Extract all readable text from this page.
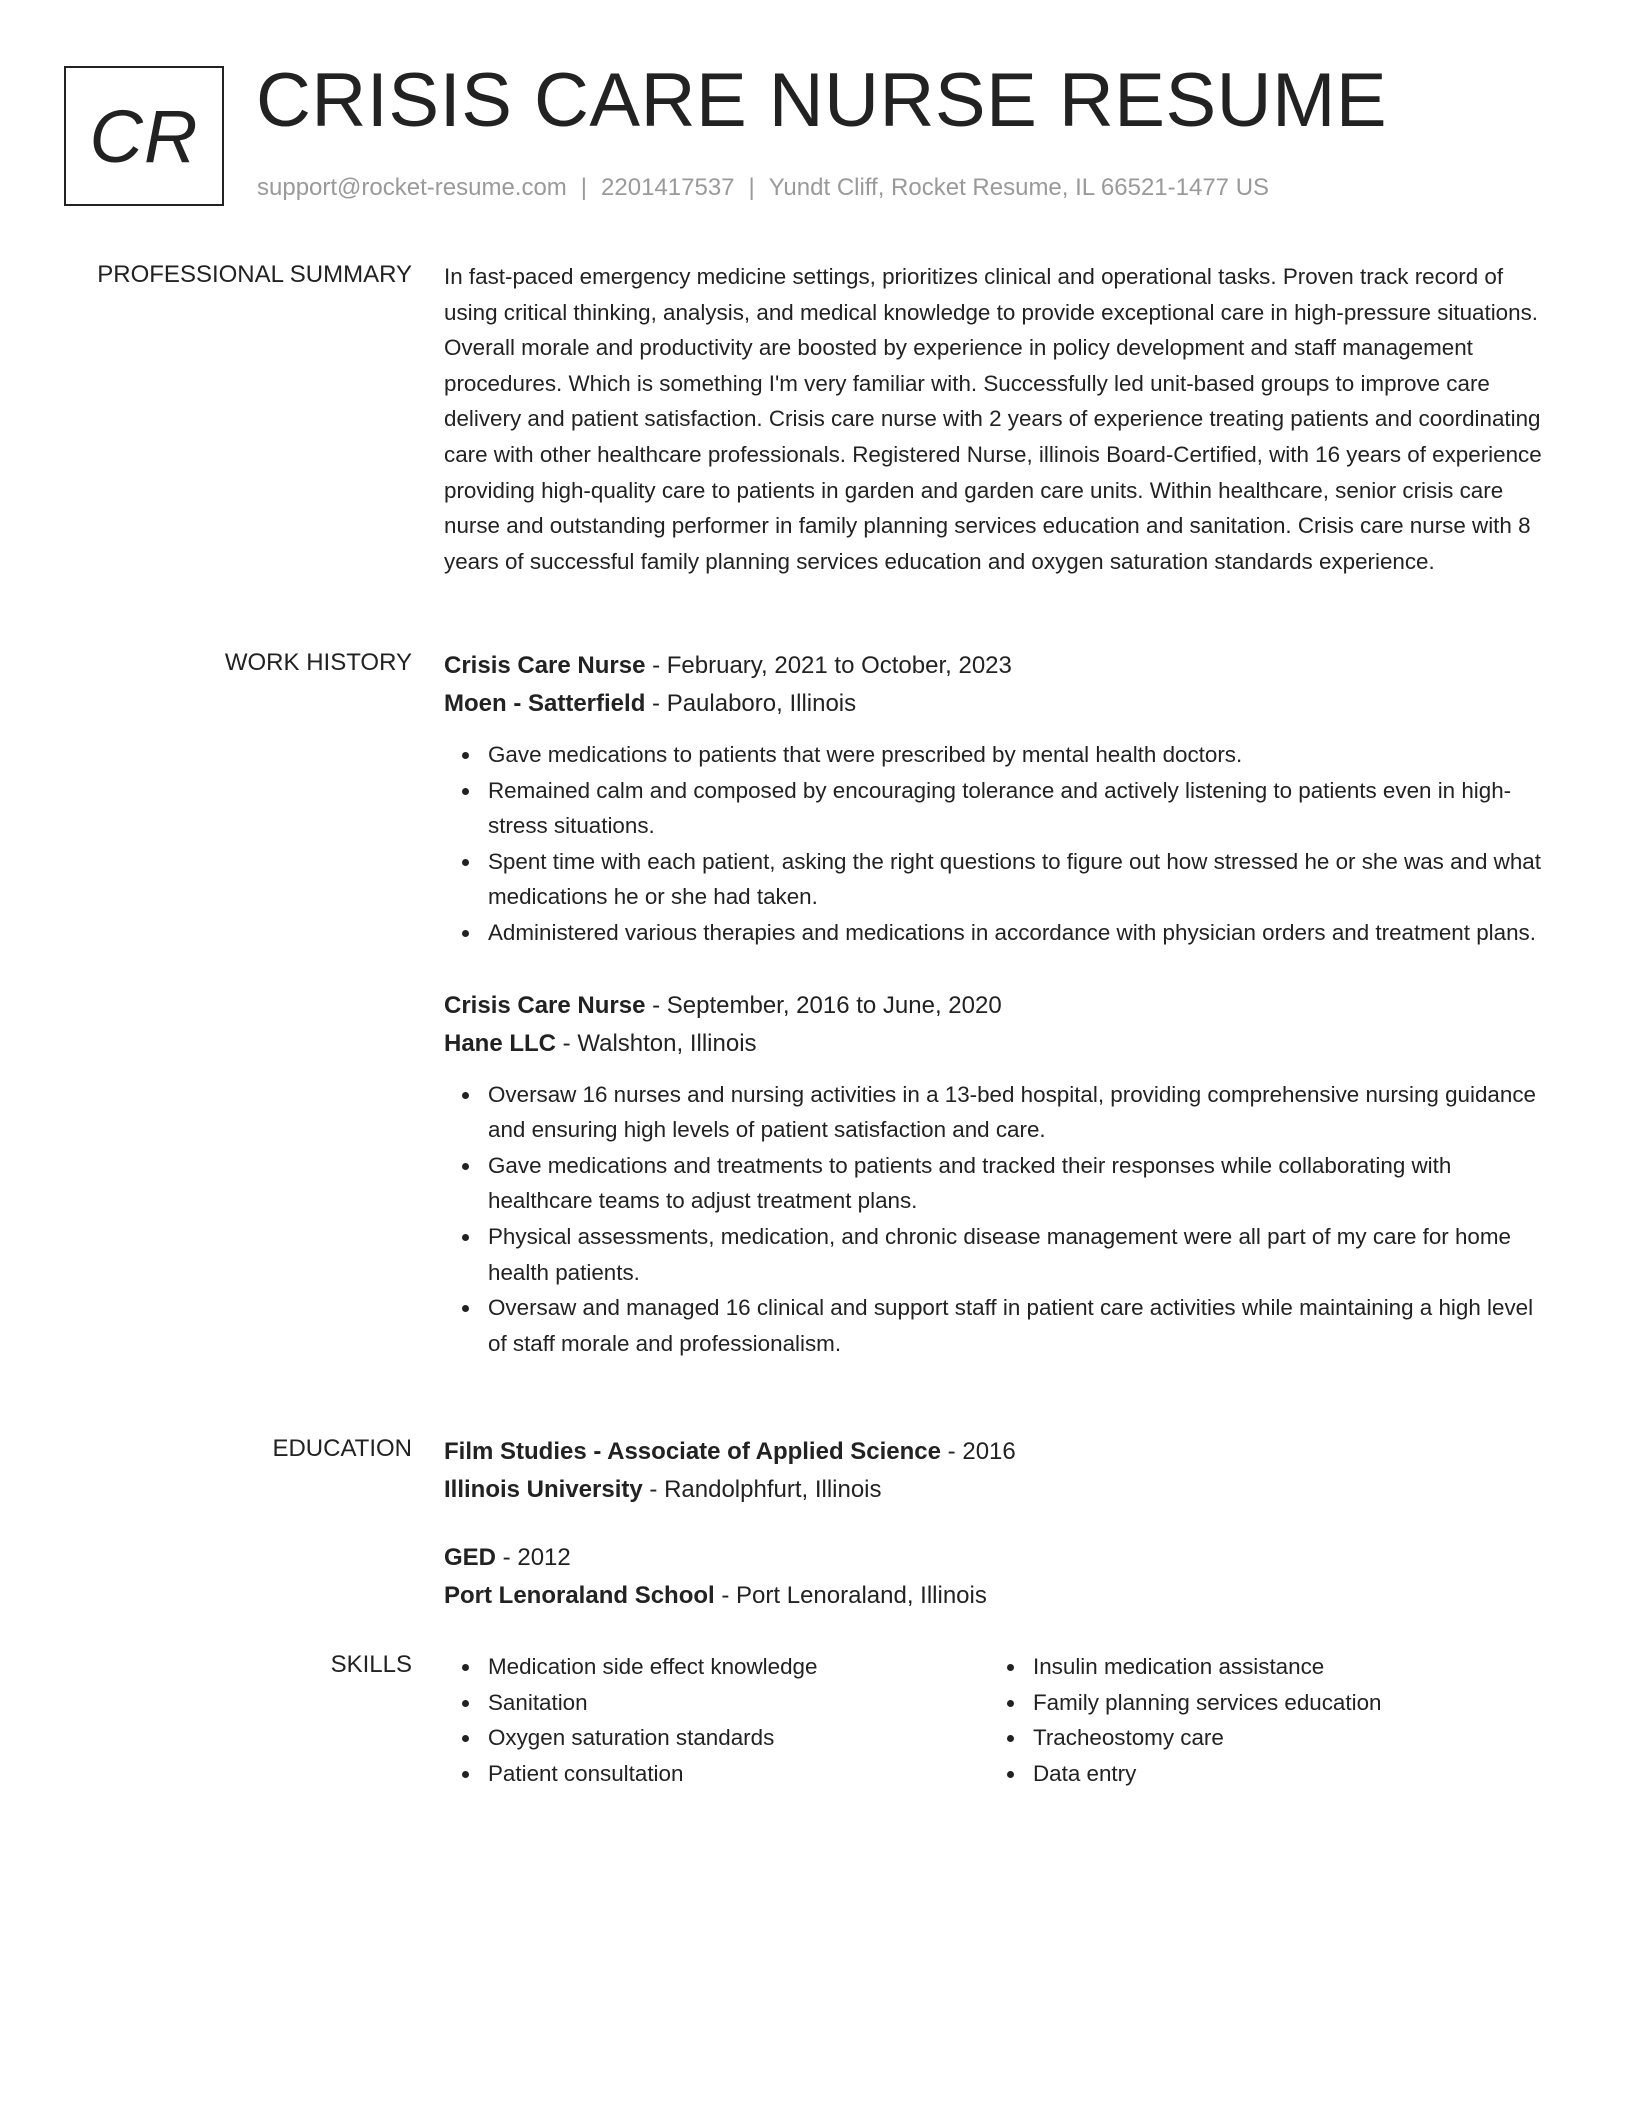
CR CRISIS CARE NURSE RESUME
support@rocket-resume.com | 2201417537 | Yundt Cliff, Rocket Resume, IL 66521-1477 US
PROFESSIONAL SUMMARY In fast-paced emergency medicine settings, prioritizes clinical and operational tasks. Proven track record of using critical thinking, analysis, and medical knowledge to provide exceptional care in high-pressure situations. Overall morale and productivity are boosted by experience in policy development and staff management procedures. Which is something I'm very familiar with. Successfully led unit-based groups to improve care delivery and patient satisfaction. Crisis care nurse with 2 years of experience treating patients and coordinating care with other healthcare professionals. Registered Nurse, illinois Board-Certified, with 16 years of experience providing high-quality care to patients in garden and garden care units. Within healthcare, senior crisis care nurse and outstanding performer in family planning services education and sanitation. Crisis care nurse with 8 years of successful family planning services education and oxygen saturation standards experience.

WORK HISTORY Crisis Care Nurse - February, 2021 to October, 2023
Moen - Satterfield - Paulaboro, Illinois
Gave medications to patients that were prescribed by mental health doctors.
Remained calm and composed by encouraging tolerance and actively listening to patients even in high-stress situations.
Spent time with each patient, asking the right questions to figure out how stressed he or she was and what medications he or she had taken.
Administered various therapies and medications in accordance with physician orders and treatment plans.
Crisis Care Nurse - September, 2016 to June, 2020
Hane LLC - Walshton, Illinois
Oversaw 16 nurses and nursing activities in a 13-bed hospital, providing comprehensive nursing guidance and ensuring high levels of patient satisfaction and care.
Gave medications and treatments to patients and tracked their responses while collaborating with healthcare teams to adjust treatment plans.
Physical assessments, medication, and chronic disease management were all part of my care for home health patients.
Oversaw and managed 16 clinical and support staff in patient care activities while maintaining a high level of staff morale and professionalism.
EDUCATION Film Studies - Associate of Applied Science - 2016
Illinois University - Randolphfurt, Illinois
GED - 2012
Port Lenoraland School - Port Lenoraland, Illinois
SKILLS	Medication side effect knowledge
Sanitation
Oxygen saturation standards
Patient consultation
Insulin medication assistance
Family planning services education
Tracheostomy care
Data entry
